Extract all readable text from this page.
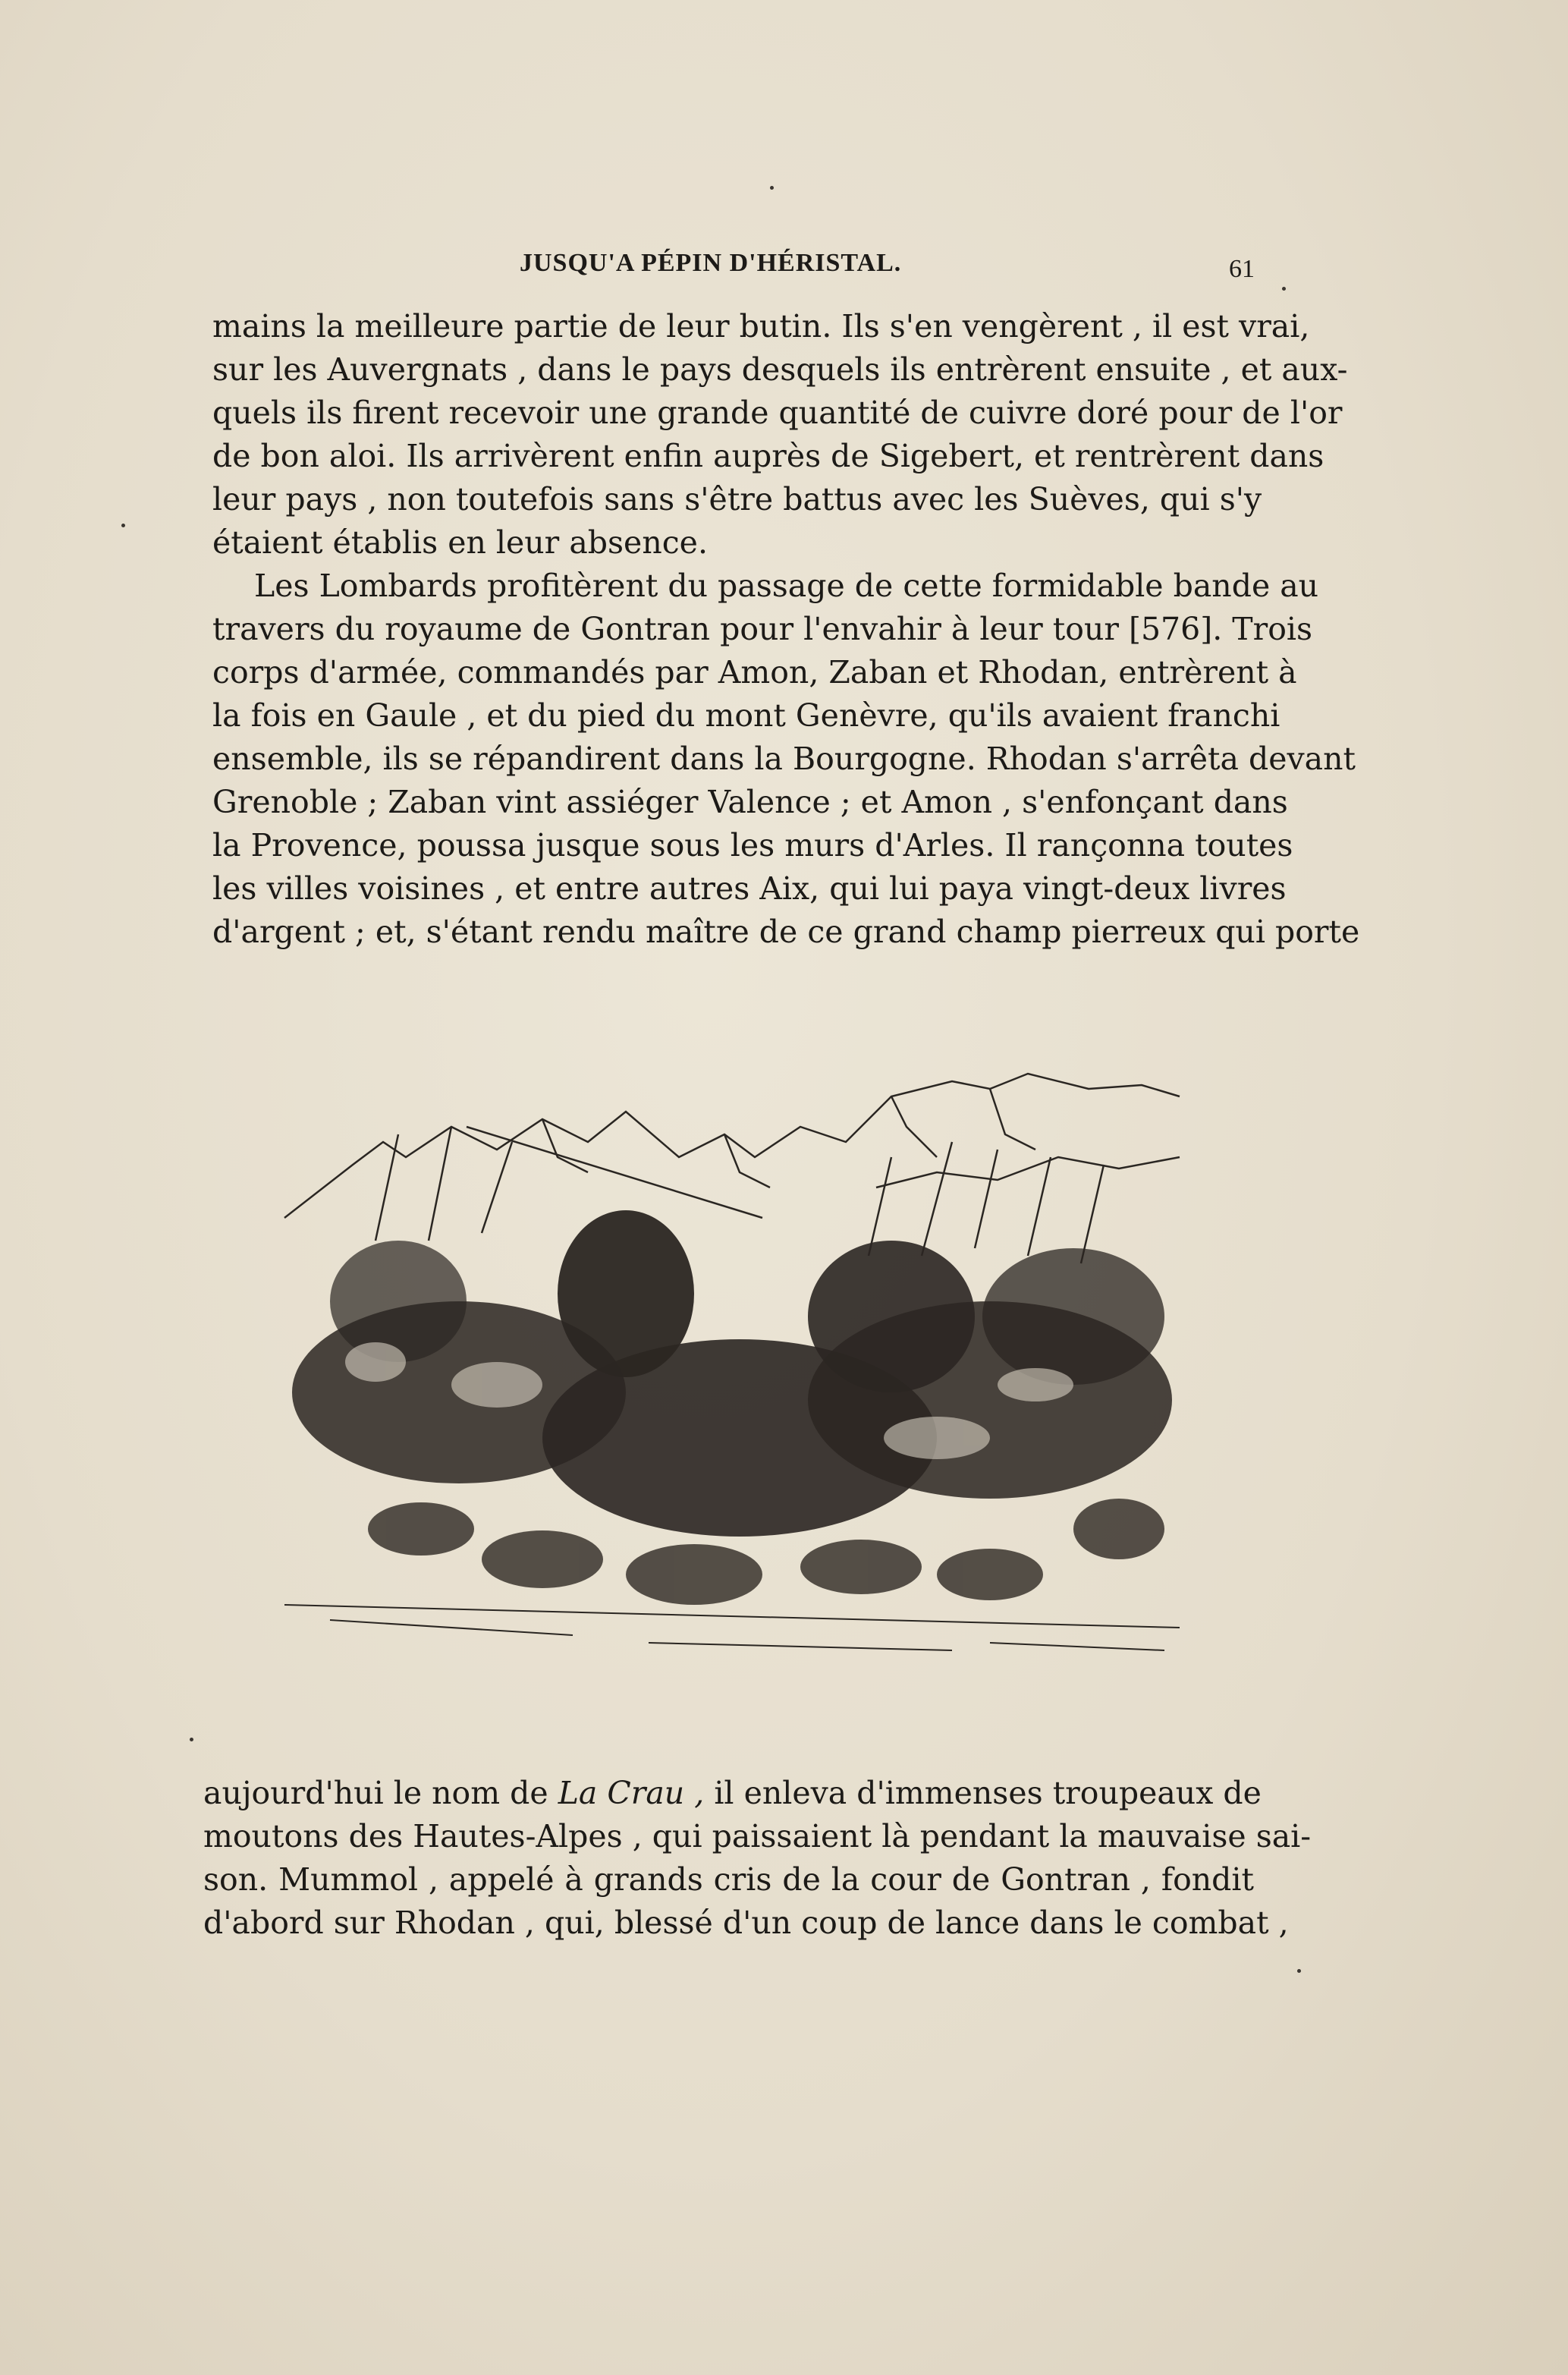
JUSQU'A PÉPIN D'HÉRISTAL.	61
mains la meilleure partie de leur butin. Ils s'en vengèrent , il est vrai,
sur les Auvergnats , dans le pays desquels ils entrèrent ensuite , et aux-
quels ils firent recevoir une grande quantité de cuivre doré pour de l'or
de bon aloi. Ils arrivèrent enfin auprès de Sigebert, et rentrèrent dans
leur pays , non toutefois sans s'être battus avec les Suèves, qui s'y
étaient établis en leur absence.
Les Lombards profitèrent du passage de cette formidable bande au
travers du royaume de Gontran pour l'envahir à leur tour [576]. Trois
corps d'armée, commandés par Amon, Zaban et Rhodan, entrèrent à
la fois en Gaule , et du pied du mont Genèvre, qu'ils avaient franchi
ensemble, ils se répandirent dans la Bourgogne. Rhodan s'arrêta devant
Grenoble ; Zaban vint assiéger Valence ; et Amon , s'enfonçant dans
la Provence, poussa jusque sous les murs d'Arles. Il rançonna toutes
les villes voisines , et entre autres Aix, qui lui paya vingt-deux livres
d'argent ; et, s'étant rendu maître de ce grand champ pierreux qui porte
aujourd'hui le nom de La Crau , il enleva d'immenses troupeaux de
moutons des Hautes-Alpes , qui paissaient là pendant la mauvaise sai-
son. Mummol , appelé à grands cris de la cour de Gontran , fondit
d'abord sur Rhodan , qui, blessé d'un coup de lance dans le combat ,
